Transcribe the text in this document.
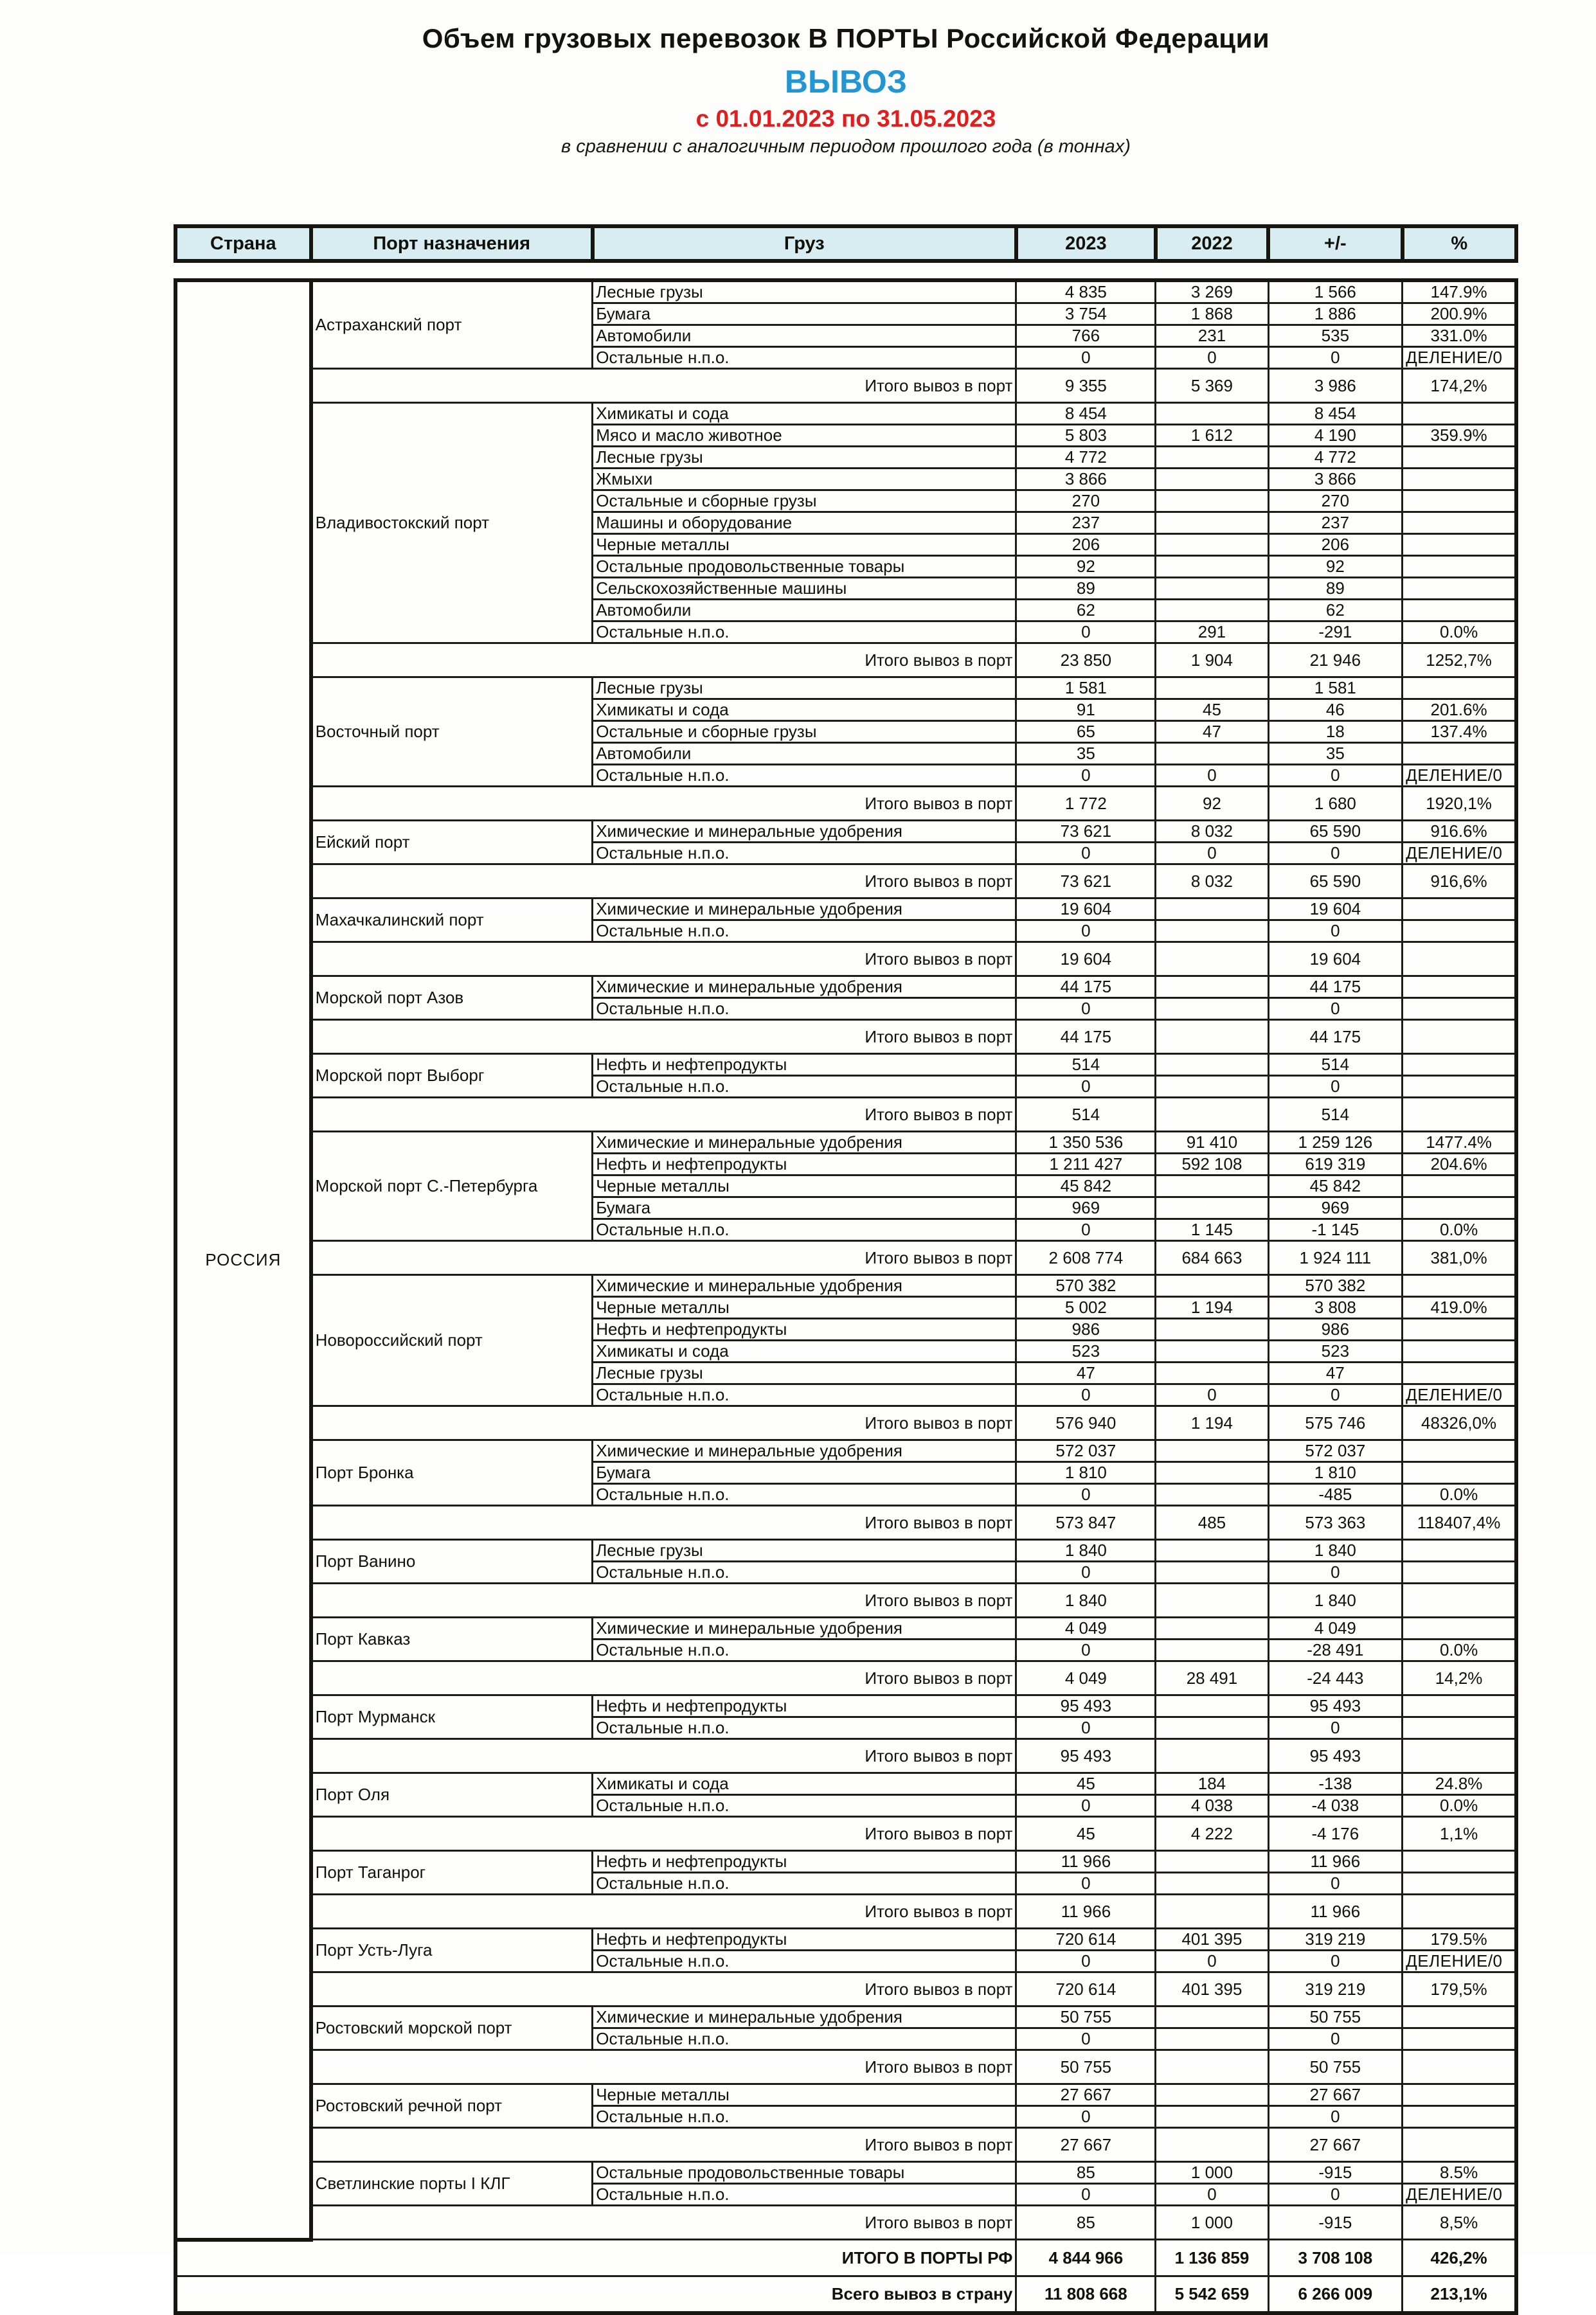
Объем грузовых перевозок В ПОРТЫ Российской Федерации
ВЫВОЗ
с 01.01.2023 по 31.05.2023
в сравнении с аналогичным периодом прошлого года (в тоннах)
Страна	Порт назначения	Груз	2023	2022	+/-	%
РОССИЯ	Астраханский порт	Лесные грузы	4 835	3 269	1 566	147.9%
		Бумага	3 754	1 868	1 886	200.9%
		Автомобили	766	231	535	331.0%
		Остальные н.п.о.	0	0	0	ДЕЛЕНИЕ/0
	Итого вывоз в порт		9 355	5 369	3 986	174,2%
	Владивостокский порт	Химикаты и сода	8 454		8 454	
		Мясо и масло животное	5 803	1 612	4 190	359.9%
		Лесные грузы	4 772		4 772	
		Жмыхи	3 866		3 866	
		Остальные и сборные грузы	270		270	
		Машины и оборудование	237		237	
		Черные металлы	206		206	
		Остальные продовольственные товары	92		92	
		Сельскохозяйственные машины	89		89	
		Автомобили	62		62	
		Остальные н.п.о.	0	291	-291	0.0%
	Итого вывоз в порт		23 850	1 904	21 946	1252,7%
	Восточный порт	Лесные грузы	1 581		1 581	
		Химикаты и сода	91	45	46	201.6%
		Остальные и сборные грузы	65	47	18	137.4%
		Автомобили	35		35	
		Остальные н.п.о.	0	0	0	ДЕЛЕНИЕ/0
	Итого вывоз в порт		1 772	92	1 680	1920,1%
	Ейский порт	Химические и минеральные удобрения	73 621	8 032	65 590	916.6%
		Остальные н.п.о.	0	0	0	ДЕЛЕНИЕ/0
	Итого вывоз в порт		73 621	8 032	65 590	916,6%
	Махачкалинский порт	Химические и минеральные удобрения	19 604		19 604	
		Остальные н.п.о.	0		0	
	Итого вывоз в порт		19 604		19 604	
	Морской порт Азов	Химические и минеральные удобрения	44 175		44 175	
		Остальные н.п.о.	0		0	
	Итого вывоз в порт		44 175		44 175	
	Морской порт Выборг	Нефть и нефтепродукты	514		514	
		Остальные н.п.о.	0		0	
	Итого вывоз в порт		514		514	
	Морской порт С.-Петербурга	Химические и минеральные удобрения	1 350 536	91 410	1 259 126	1477.4%
		Нефть и нефтепродукты	1 211 427	592 108	619 319	204.6%
		Черные металлы	45 842		45 842	
		Бумага	969		969	
		Остальные н.п.о.	0	1 145	-1 145	0.0%
	Итого вывоз в порт		2 608 774	684 663	1 924 111	381,0%
	Новороссийский порт	Химические и минеральные удобрения	570 382		570 382	
		Черные металлы	5 002	1 194	3 808	419.0%
		Нефть и нефтепродукты	986		986	
		Химикаты и сода	523		523	
		Лесные грузы	47		47	
		Остальные н.п.о.	0	0	0	ДЕЛЕНИЕ/0
	Итого вывоз в порт		576 940	1 194	575 746	48326,0%
	Порт Бронка	Химические и минеральные удобрения	572 037		572 037	
		Бумага	1 810		1 810	
		Остальные н.п.о.	0		-485	0.0%
	Итого вывоз в порт		573 847	485	573 363	118407,4%
	Порт Ванино	Лесные грузы	1 840		1 840	
		Остальные н.п.о.	0		0	
	Итого вывоз в порт		1 840		1 840	
	Порт Кавказ	Химические и минеральные удобрения	4 049		4 049	
		Остальные н.п.о.	0		-28 491	0.0%
	Итого вывоз в порт		4 049	28 491	-24 443	14,2%
	Порт Мурманск	Нефть и нефтепродукты	95 493		95 493	
		Остальные н.п.о.	0		0	
	Итого вывоз в порт		95 493		95 493	
	Порт Оля	Химикаты и сода	45	184	-138	24.8%
		Остальные н.п.о.	0	4 038	-4 038	0.0%
	Итого вывоз в порт		45	4 222	-4 176	1,1%
	Порт Таганрог	Нефть и нефтепродукты	11 966		11 966	
		Остальные н.п.о.	0		0	
	Итого вывоз в порт		11 966		11 966	
	Порт Усть-Луга	Нефть и нефтепродукты	720 614	401 395	319 219	179.5%
		Остальные н.п.о.	0	0	0	ДЕЛЕНИЕ/0
	Итого вывоз в порт		720 614	401 395	319 219	179,5%
	Ростовский морской порт	Химические и минеральные удобрения	50 755		50 755	
		Остальные н.п.о.	0		0	
	Итого вывоз в порт		50 755		50 755	
	Ростовский речной порт	Черные металлы	27 667		27 667	
		Остальные н.п.о.	0		0	
	Итого вывоз в порт		27 667		27 667	
	Светлинские порты I КЛГ	Остальные продовольственные товары	85	1 000	-915	8.5%
		Остальные н.п.о.	0	0	0	ДЕЛЕНИЕ/0
	Итого вывоз в порт		85	1 000	-915	8,5%
ИТОГО В ПОРТЫ РФ			4 844 966	1 136 859	3 708 108	426,2%
Всего вывоз в страну			11 808 668	5 542 659	6 266 009	213,1%
